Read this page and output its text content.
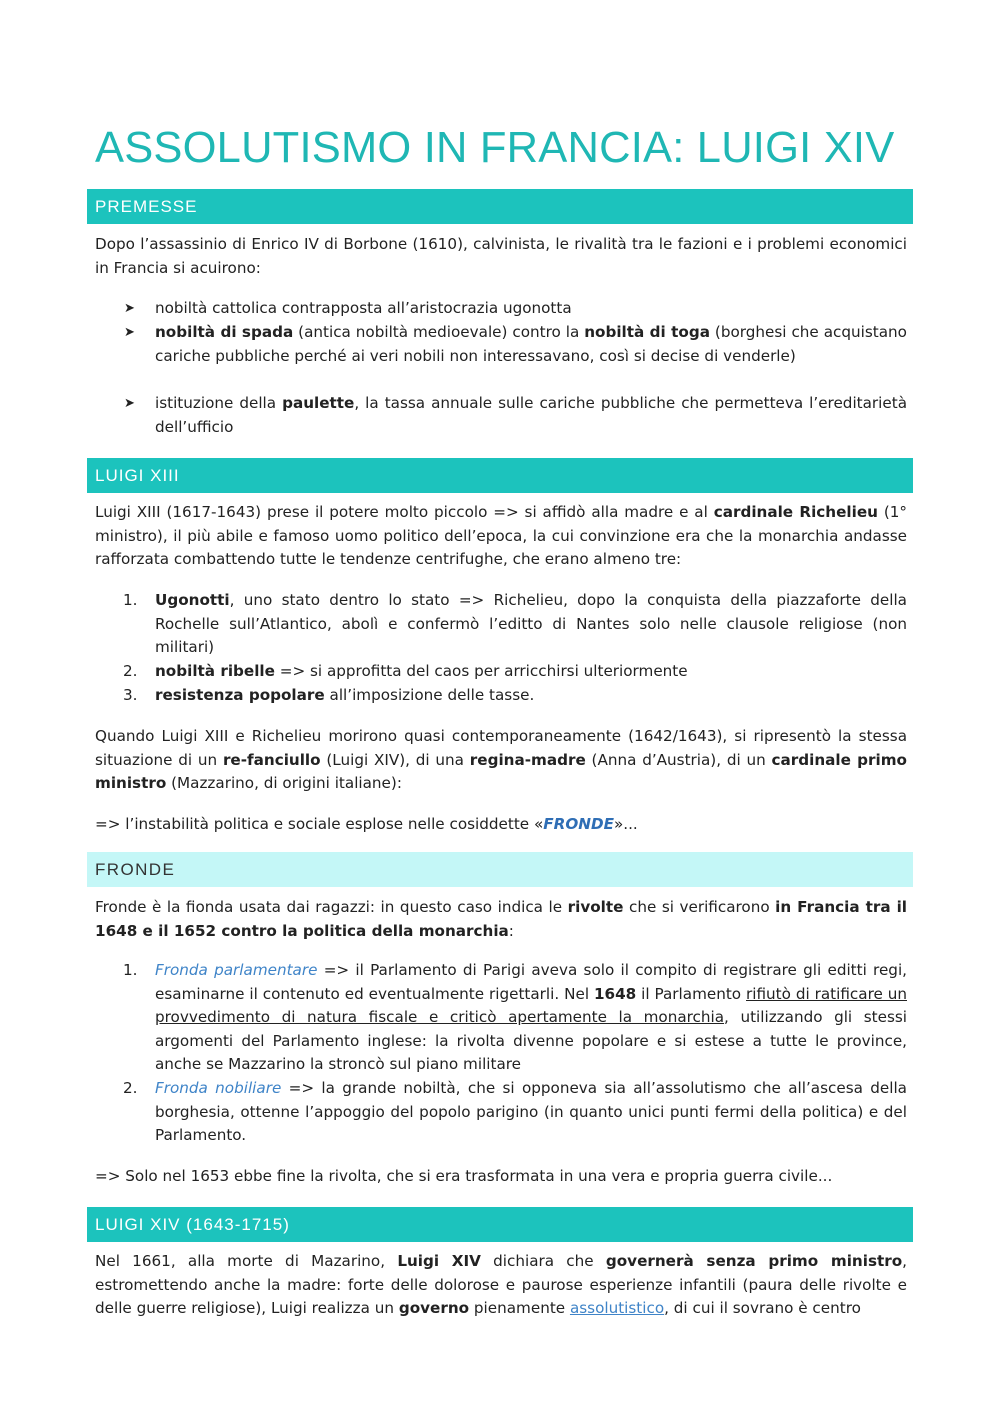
ASSOLUTISMO IN FRANCIA: LUIGI XIV
PREMESSE

Dopo l’assassinio di Enrico IV di Borbone (1610), calvinista, le rivalità tra le fazioni e i problemi economici in Francia si acuirono:

➤	nobiltà cattolica contrapposta all’aristocrazia ugonotta
➤	nobiltà di spada (antica nobiltà medioevale) contro la nobiltà di toga (borghesi che acquistano cariche pubbliche perché ai veri nobili non interessavano, così si decise di venderle)
➤	istituzione della paulette, la tassa annuale sulle cariche pubbliche che permetteva l’ereditarietà dell’ufficio
LUIGI XIII

Luigi XIII (1617-1643) prese il potere molto piccolo => si affidò alla madre e al cardinale Richelieu (1° ministro), il più abile e famoso uomo politico dell’epoca, la cui convinzione era che la monarchia andasse rafforzata combattendo tutte le tendenze centrifughe, che erano almeno tre:

1.	Ugonotti, uno stato dentro lo stato => Richelieu, dopo la conquista della piazzaforte della Rochelle sull’Atlantico, abolì e confermò l’editto di Nantes solo nelle clausole religiose (non militari)
2.	nobiltà ribelle => si approfitta del caos per arricchirsi ulteriormente
3.	resistenza popolare all’imposizione delle tasse.

Quando Luigi XIII e Richelieu morirono quasi contemporaneamente (1642/1643), si ripresentò la stessa situazione di un re-fanciullo (Luigi XIV), di una regina-madre (Anna d’Austria), di un cardinale primo ministro (Mazzarino, di origini italiane):

=> l’instabilità politica e sociale esplose nelle cosiddette «FRONDE»...

FRONDE

Fronde è la fionda usata dai ragazzi: in questo caso indica le rivolte che si verificarono in Francia tra il 1648 e il 1652 contro la politica della monarchia:

1.	Fronda parlamentare => il Parlamento di Parigi aveva solo il compito di registrare gli editti regi, esaminarne il contenuto ed eventualmente rigettarli. Nel 1648 il Parlamento rifiutò di ratificare un provvedimento di natura fiscale e criticò apertamente la monarchia, utilizzando gli stessi argomenti del Parlamento inglese: la rivolta divenne popolare e si estese a tutte le province, anche se Mazzarino la stroncò sul piano militare
2.	Fronda nobiliare => la grande nobiltà, che si opponeva sia all’assolutismo che all’ascesa della borghesia, ottenne l’appoggio del popolo parigino (in quanto unici punti fermi della politica) e del Parlamento.

=> Solo nel 1653 ebbe fine la rivolta, che si era trasformata in una vera e propria guerra civile...

LUIGI XIV (1643-1715)

Nel 1661, alla morte di Mazarino, Luigi XIV dichiara che governerà senza primo ministro, estromettendo anche la madre: forte delle dolorose e paurose esperienze infantili (paura delle rivolte e delle guerre religiose), Luigi realizza un governo pienamente assolutistico, di cui il sovrano è centro
